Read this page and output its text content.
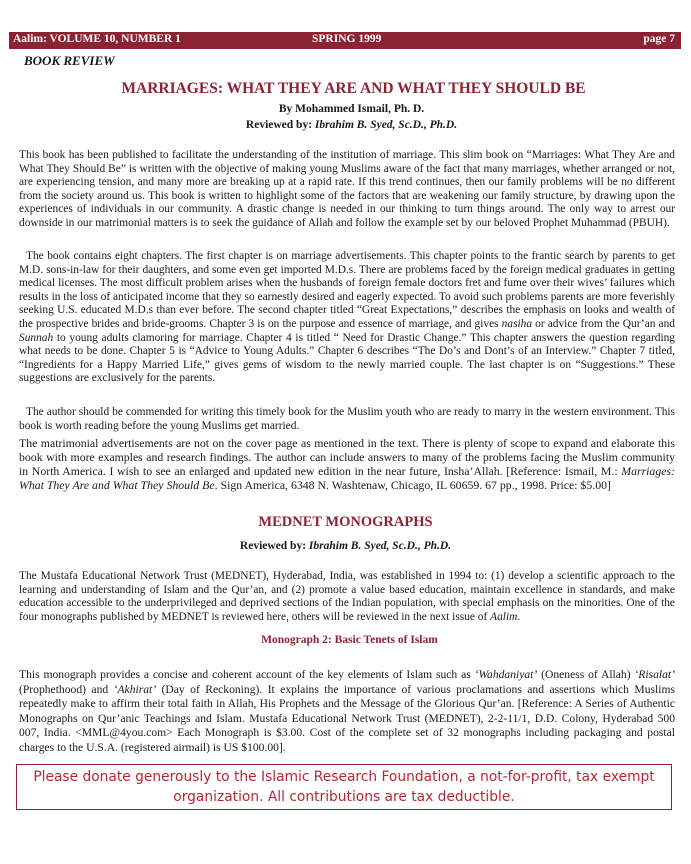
Aalim: VOLUME 10, NUMBER 1	SPRING 1999	page 7
BOOK REVIEW
MARRIAGES: WHAT THEY ARE AND WHAT THEY SHOULD BE
By Mohammed Ismail, Ph. D.
Reviewed by: Ibrahim B. Syed, Sc.D., Ph.D.
This book has been published to facilitate the understanding of the institution of marriage. This slim book on “Marriages: What They Are and What They Should Be” is written with the objective of making young Muslims aware of the fact that many marriages, whether arranged or not, are experiencing tension, and many more are breaking up at a rapid rate. If this trend continues, then our family problems will be no different from the society around us. This book is written to highlight some of the factors that are weakening our family structure, by drawing upon the experiences of individuals in our community. A drastic change is needed in our thinking to turn things around. The only way to arrest our downside in our matrimonial matters is to seek the guidance of Allah and follow the example set by our beloved Prophet Muhammad (PBUH).
The book contains eight chapters. The first chapter is on marriage advertisements. This chapter points to the frantic search by parents to get M.D. sons-in-law for their daughters, and some even get imported M.D.s. There are problems faced by the foreign medical graduates in getting medical licenses. The most difficult problem arises when the husbands of foreign female doctors fret and fume over their wives’ failures which results in the loss of anticipated income that they so earnestly desired and eagerly expected. To avoid such problems parents are more feverishly seeking U.S. educated M.D.s than ever before. The second chapter titled “Great Expectations,” describes the emphasis on looks and wealth of the prospective brides and bride-grooms. Chapter 3 is on the purpose and essence of marriage, and gives nasiha or advice from the Qur’an and Sunnah to young adults clamoring for marriage. Chapter 4 is titled “ Need for Drastic Change.” This chapter answers the question regarding what needs to be done. Chapter 5 is “Advice to Young Adults.” Chapter 6 describes “The Do’s and Dont’s of an Interview.” Chapter 7 titled, “Ingredients for a Happy Married Life,” gives gems of wisdom to the newly married couple. The last chapter is on “Suggestions.” These suggestions are exclusively for the parents.
The author should be commended for writing this timely book for the Muslim youth who are ready to marry in the western environment. This book is worth reading before the young Muslims get married.
The matrimonial advertisements are not on the cover page as mentioned in the text. There is plenty of scope to expand and elaborate this book with more examples and research findings. The author can include answers to many of the problems facing the Muslim community in North America. I wish to see an enlarged and updated new edition in the near future, Insha’Allah. [Reference: Ismail, M.: Marriages: What They Are and What They Should Be. Sign America, 6348 N. Washtenaw, Chicago, IL 60659. 67 pp., 1998. Price: $5.00]
MEDNET MONOGRAPHS
Reviewed by: Ibrahim B. Syed, Sc.D., Ph.D.
The Mustafa Educational Network Trust (MEDNET), Hyderabad, India, was established in 1994 to: (1) develop a scientific approach to the learning and understanding of Islam and the Qur’an, and (2) promote a value based education, maintain excellence in standards, and make education accessible to the underprivileged and deprived sections of the Indian population, with special emphasis on the minorities. One of the four monographs published by MEDNET is reviewed here, others will be reviewed in the next issue of Aalim.
Monograph 2: Basic Tenets of Islam
This monograph provides a concise and coherent account of the key elements of Islam such as ‘Wahdaniyat’ (Oneness of Allah) ‘Risalat’ (Prophethood) and ‘Akhirat’ (Day of Reckoning). It explains the importance of various proclamations and assertions which Muslims repeatedly make to affirm their total faith in Allah, His Prophets and the Message of the Glorious Qur’an. [Reference: A Series of Authentic Monographs on Qur’anic Teachings and Islam. Mustafa Educational Network Trust (MEDNET), 2-2-11/1, D.D. Colony, Hyderabad 500 007, India. <MML@4you.com> Each Monograph is $3.00. Cost of the complete set of 32 monographs including packaging and postal charges to the U.S.A. (registered airmail) is US $100.00].
Please donate generously to the Islamic Research Foundation, a not-for-profit, tax exempt
organization. All contributions are tax deductible.
